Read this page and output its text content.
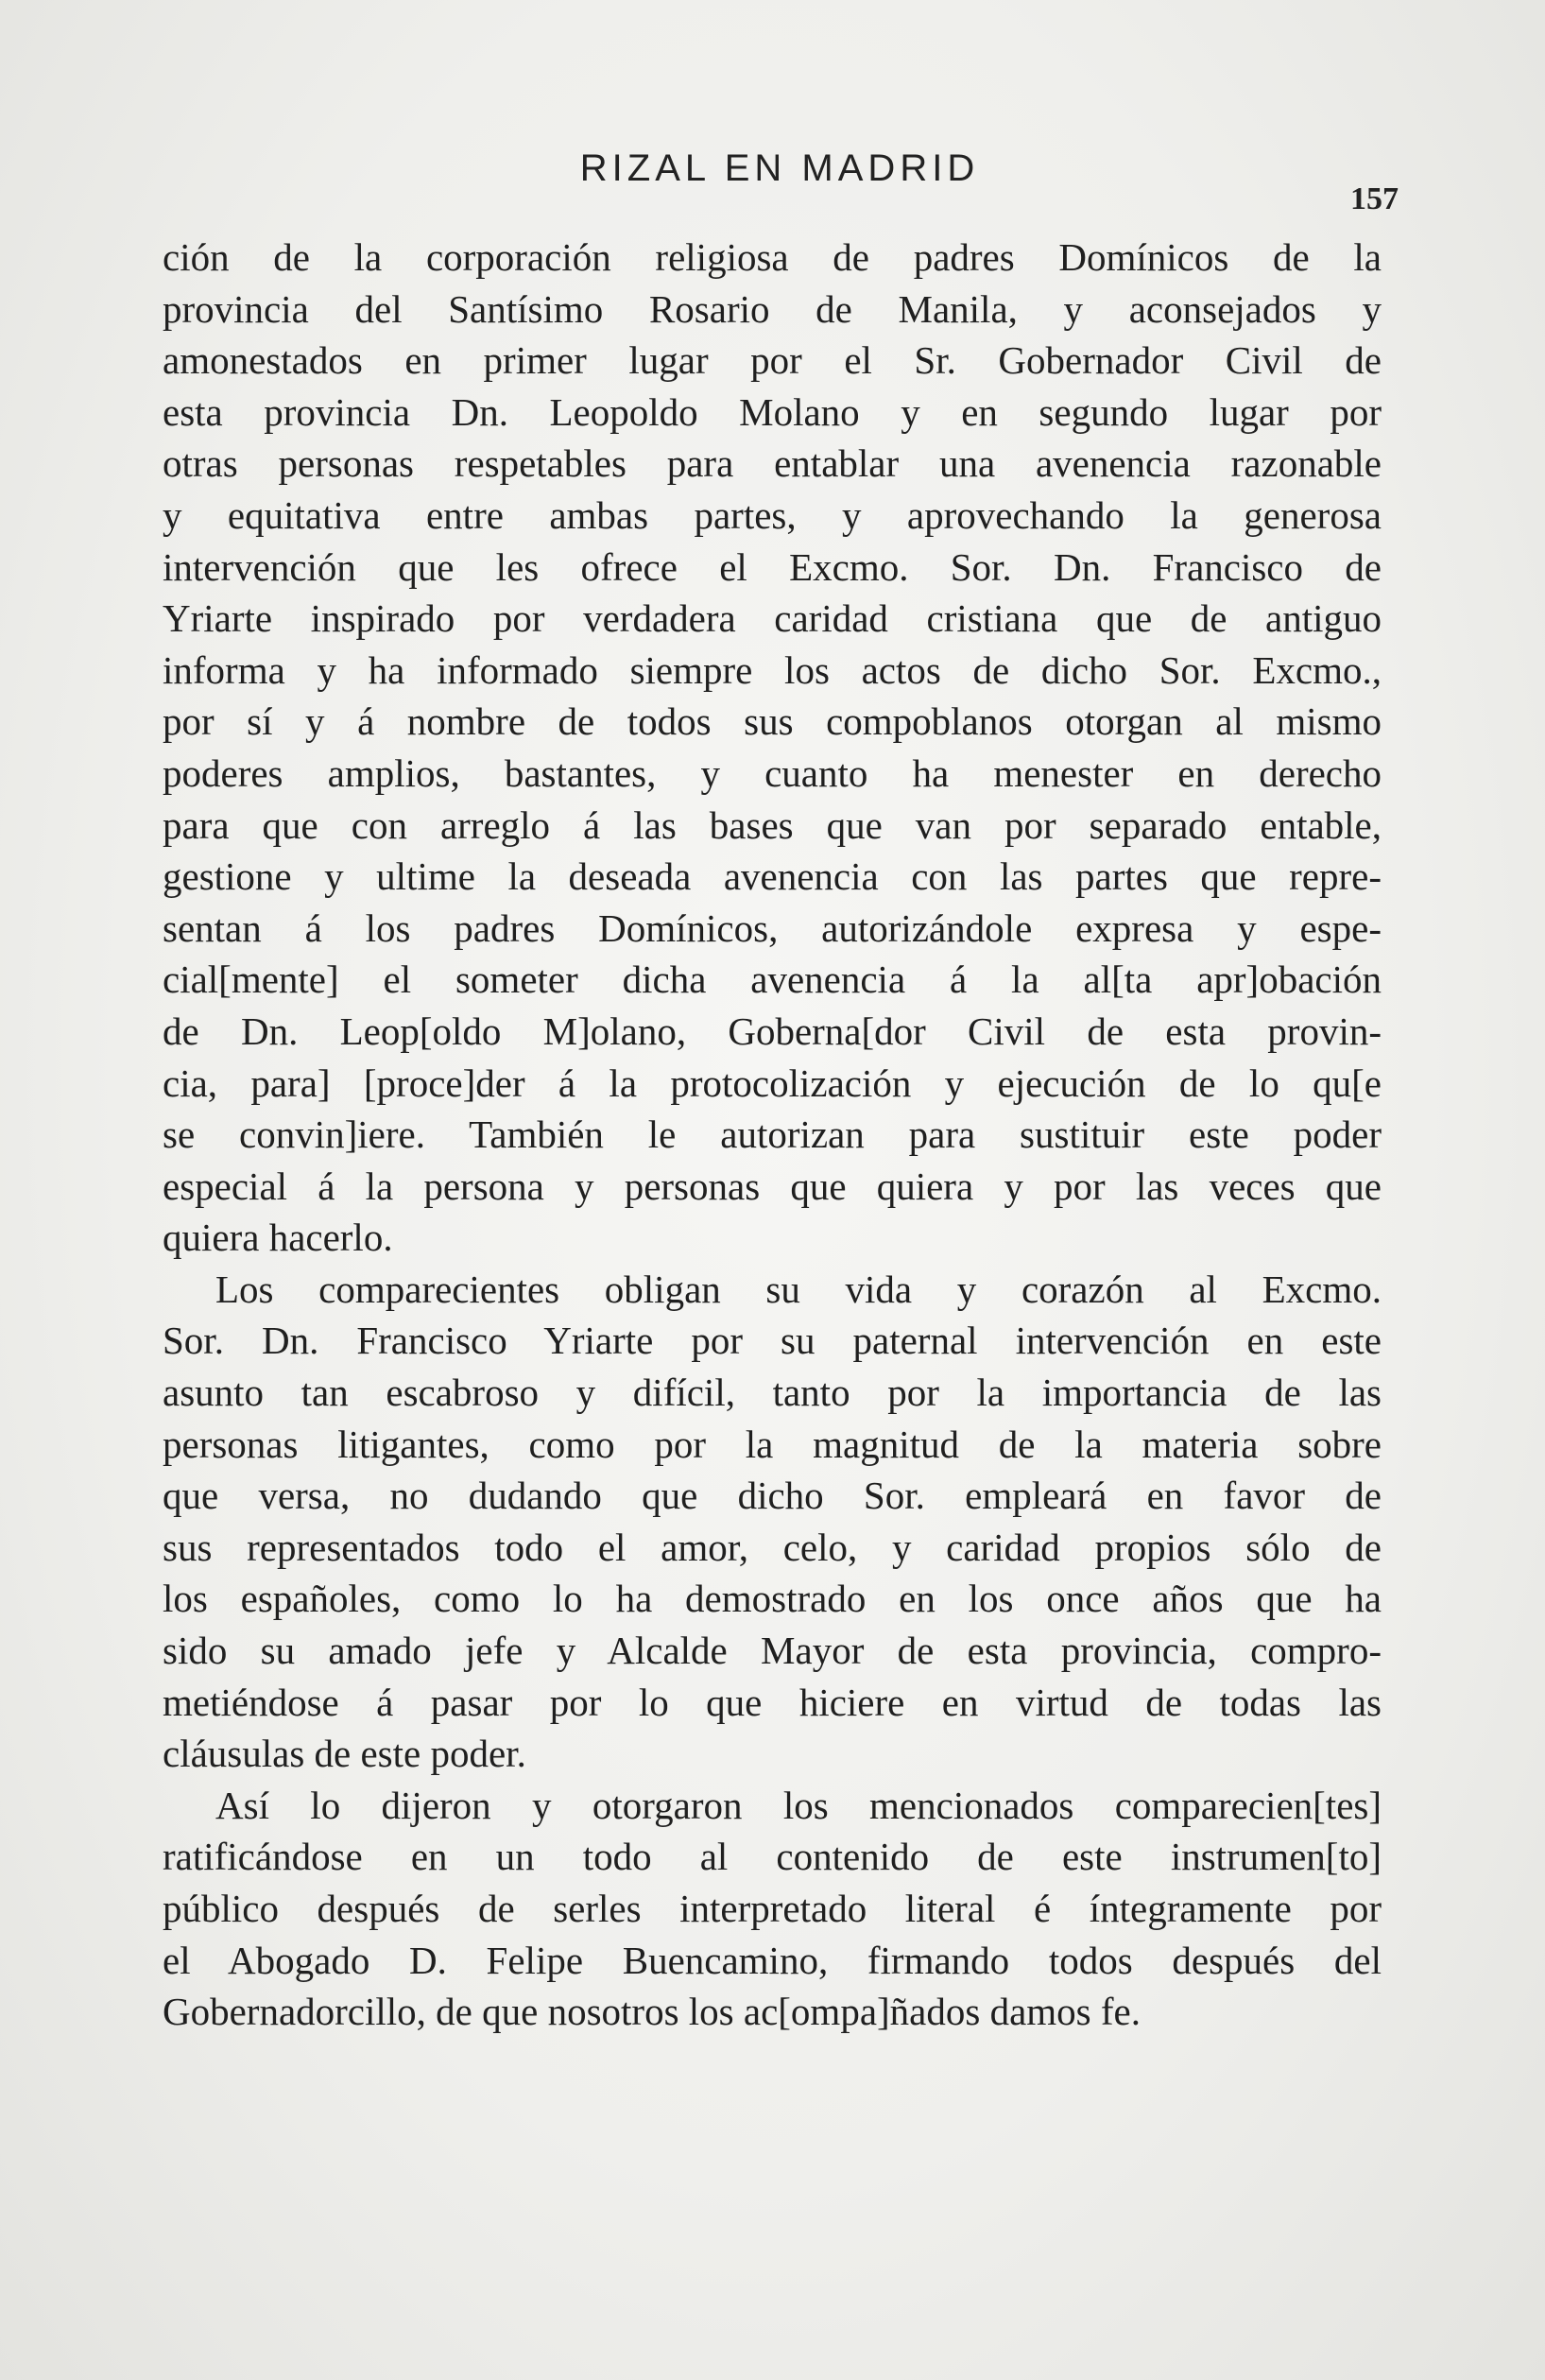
RIZAL EN MADRID
157
ción de la corporación religiosa de padres Domínicos de la
provincia del Santísimo Rosario de Manila, y aconsejados y
amonestados en primer lugar por el Sr. Gobernador Civil de
esta provincia Dn. Leopoldo Molano y en segundo lugar por
otras personas respetables para entablar una avenencia razonable
y equitativa entre ambas partes, y aprovechando la generosa
intervención que les ofrece el Excmo. Sor. Dn. Francisco de
Yriarte inspirado por verdadera caridad cristiana que de antiguo
informa y ha informado siempre los actos de dicho Sor. Excmo.,
por sí y á nombre de todos sus compoblanos otorgan al mismo
poderes amplios, bastantes, y cuanto ha menester en derecho
para que con arreglo á las bases que van por separado entable,
gestione y ultime la deseada avenencia con las partes que repre-
sentan á los padres Domínicos, autorizándole expresa y espe-
cial[mente] el someter dicha avenencia á la al[ta apr]obación
de Dn. Leop[oldo M]olano, Goberna[dor Civil de esta provin-
cia, para] [proce]der á la protocolización y ejecución de lo qu[e
se convin]iere. También le autorizan para sustituir este poder
especial á la persona y personas que quiera y por las veces que
quiera hacerlo.
Los comparecientes obligan su vida y corazón al Excmo.
Sor. Dn. Francisco Yriarte por su paternal intervención en este
asunto tan escabroso y difícil, tanto por la importancia de las
personas litigantes, como por la magnitud de la materia sobre
que versa, no dudando que dicho Sor. empleará en favor de
sus representados todo el amor, celo, y caridad propios sólo de
los españoles, como lo ha demostrado en los once años que ha
sido su amado jefe y Alcalde Mayor de esta provincia, compro-
metiéndose á pasar por lo que hiciere en virtud de todas las
cláusulas de este poder.
Así lo dijeron y otorgaron los mencionados comparecien[tes]
ratificándose en un todo al contenido de este instrumen[to]
público después de serles interpretado literal é íntegramente por
el Abogado D. Felipe Buencamino, firmando todos después del
Gobernadorcillo, de que nosotros los ac[ompa]ñados damos fe.
